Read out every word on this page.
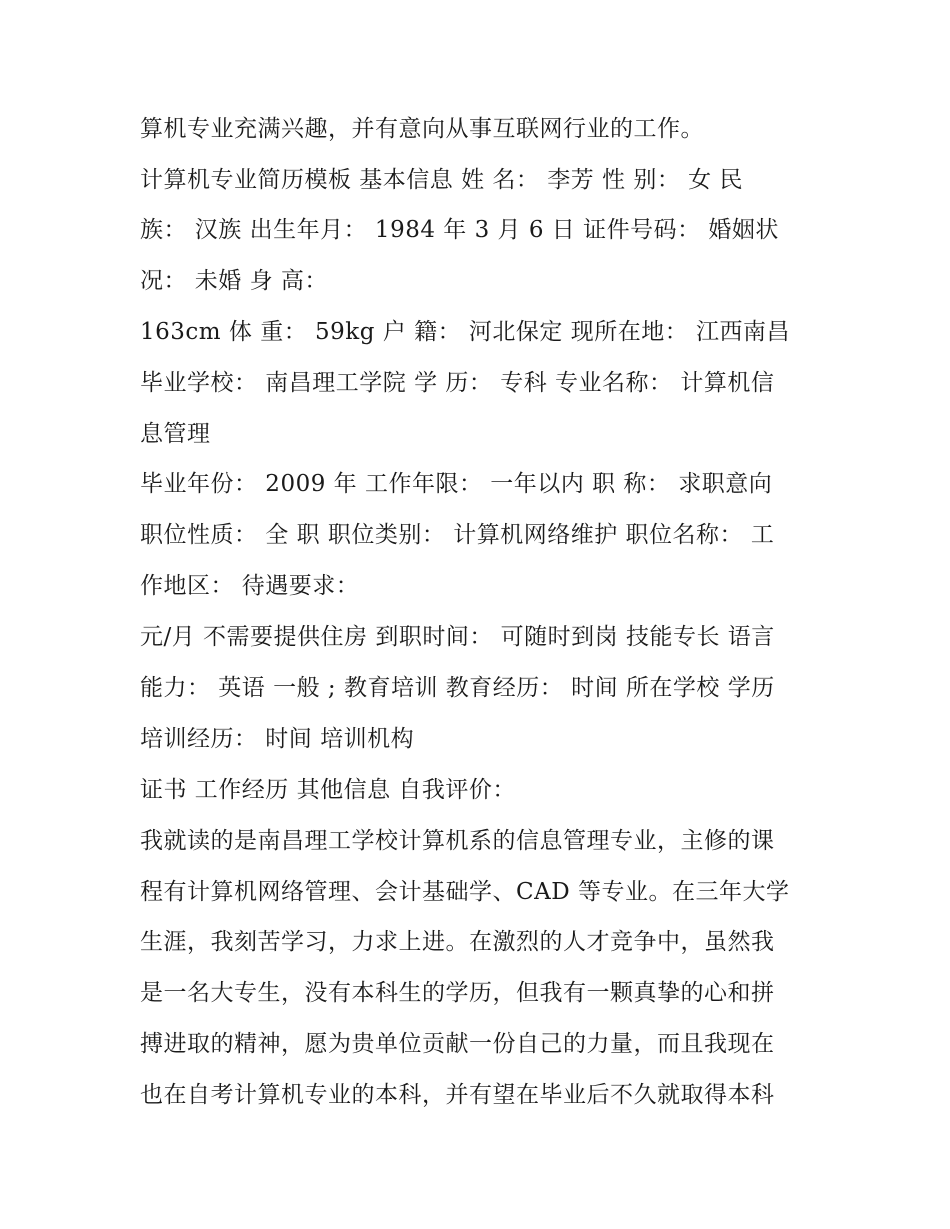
算机专业充满兴趣，并有意向从事互联网行业的工作。
计算机专业简历模板 基本信息 姓 名： 李芳 性 别： 女 民
族： 汉族 出生年月： 1984 年 3 月 6 日 证件号码： 婚姻状
况： 未婚 身 高：
163cm 体 重： 59kg 户 籍： 河北保定 现所在地： 江西南昌
毕业学校： 南昌理工学院 学 历： 专科 专业名称： 计算机信
息管理
毕业年份： 2009 年 工作年限： 一年以内 职 称： 求职意向
职位性质： 全 职 职位类别： 计算机网络维护 职位名称： 工
作地区： 待遇要求：
元/月 不需要提供住房 到职时间： 可随时到岗 技能专长 语言
能力： 英语 一般 ; 教育培训 教育经历： 时间 所在学校 学历
培训经历： 时间 培训机构
证书 工作经历 其他信息 自我评价：
我就读的是南昌理工学校计算机系的信息管理专业，主修的课
程有计算机网络管理、会计基础学、CAD 等专业。在三年大学
生涯，我刻苦学习，力求上进。在激烈的人才竞争中，虽然我
是一名大专生，没有本科生的学历，但我有一颗真挚的心和拼
搏进取的精神，愿为贵单位贡献一份自己的力量，而且我现在
也在自考计算机专业的本科，并有望在毕业后不久就取得本科
